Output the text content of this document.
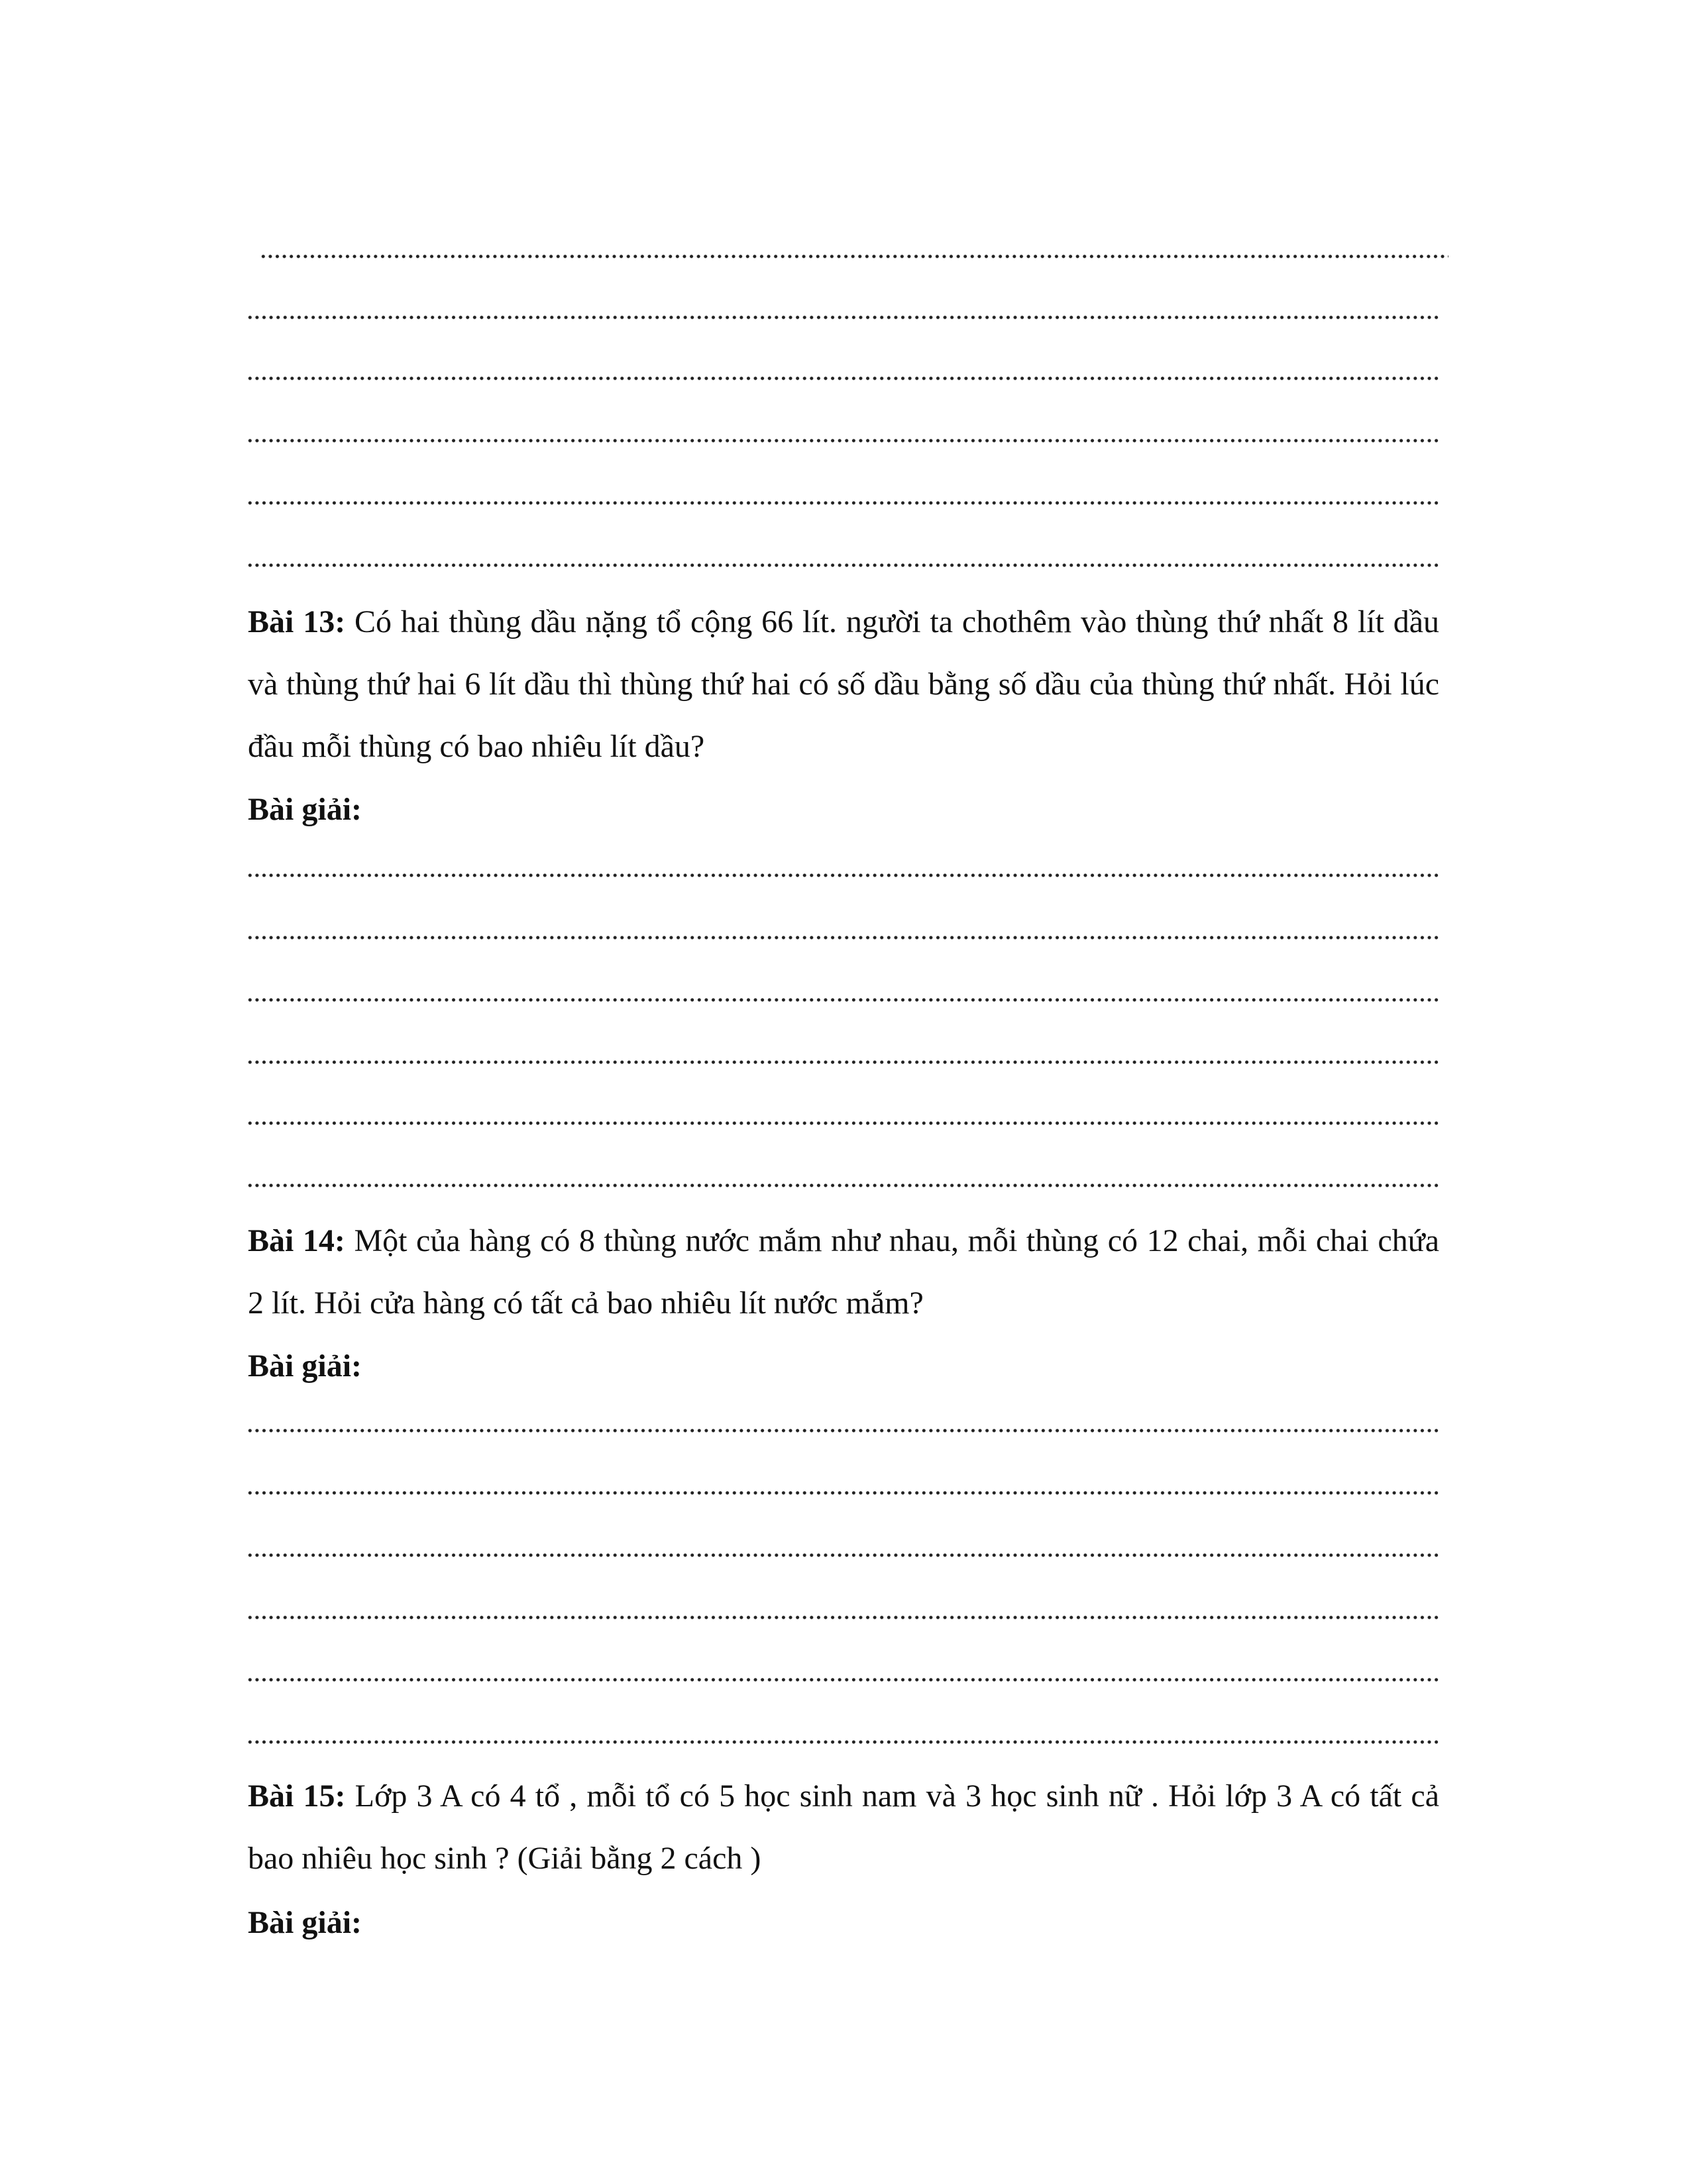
Bài 13: Có hai thùng dầu nặng tổ cộng 66 lít. người ta chothêm vào thùng thứ nhất 8 lít dầu và thùng thứ hai 6 lít dầu thì thùng thứ hai có số dầu bằng số dầu của thùng thứ nhất. Hỏi lúc đầu mỗi thùng có bao nhiêu lít dầu?

Bài giải:

Bài 14: Một của hàng có 8 thùng nước mắm như nhau, mỗi thùng có 12 chai, mỗi chai chứa 2 lít. Hỏi cửa hàng có tất cả bao nhiêu lít nước mắm?

Bài giải:

Bài 15: Lớp 3 A có 4 tổ , mỗi tổ có 5 học sinh nam và 3 học sinh nữ . Hỏi lớp 3 A có tất cả bao nhiêu học sinh ? (Giải bằng 2 cách )

Bài giải:
